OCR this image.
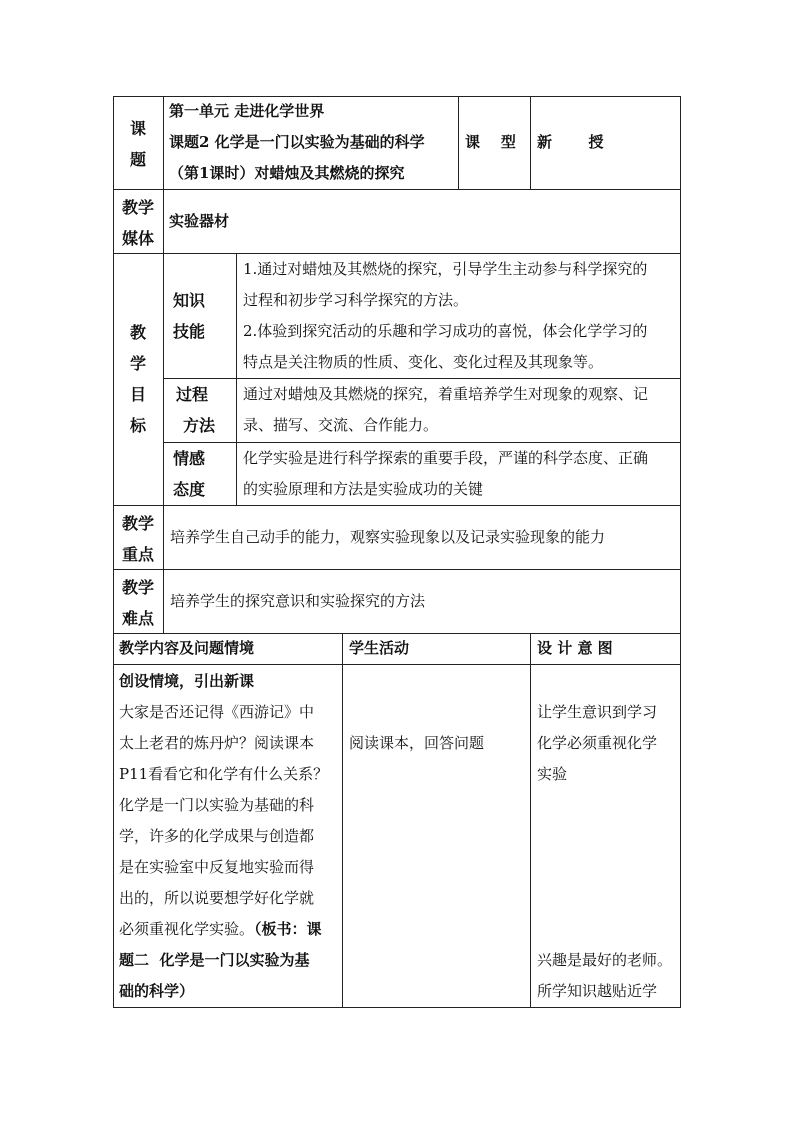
课
题
第一单元 走进化学世界
课题2 化学是一门以实验为基础的科学
（第1课时）对蜡烛及其燃烧的探究
课    型 新       授
教学
媒体
实验器材
教
学
目
标
知识
技能
1.通过对蜡烛及其燃烧的探究，引导学生主动参与科学探究的
过程和初步学习科学探究的方法。
2.体验到探究活动的乐趣和学习成功的喜悦，体会化学学习的
特点是关注物质的性质、变化、变化过程及其现象等。
过程
方法
通过对蜡烛及其燃烧的探究，着重培养学生对现象的观察、记
录、描写、交流、合作能力。
情感
态度
化学实验是进行科学探索的重要手段，严谨的科学态度、正确
的实验原理和方法是实验成功的关键
教学
重点
培养学生自己动手的能力，观察实验现象以及记录实验现象的能力
教学
难点
培养学生的探究意识和实验探究的方法
教学内容及问题情境	学生活动	设 计 意 图
创设情境，引出新课
大家是否还记得《西游记》中
太上老君的炼丹炉？阅读课本
P11看看它和化学有什么关系？
化学是一门以实验为基础的科
学，许多的化学成果与创造都
是在实验室中反复地实验而得
出的，所以说要想学好化学就
必须重视化学实验。（板书：课
题二  化学是一门以实验为基
础的科学）
阅读课本，回答问题
让学生意识到学习
化学必须重视化学
实验
兴趣是最好的老师。
所学知识越贴近学
